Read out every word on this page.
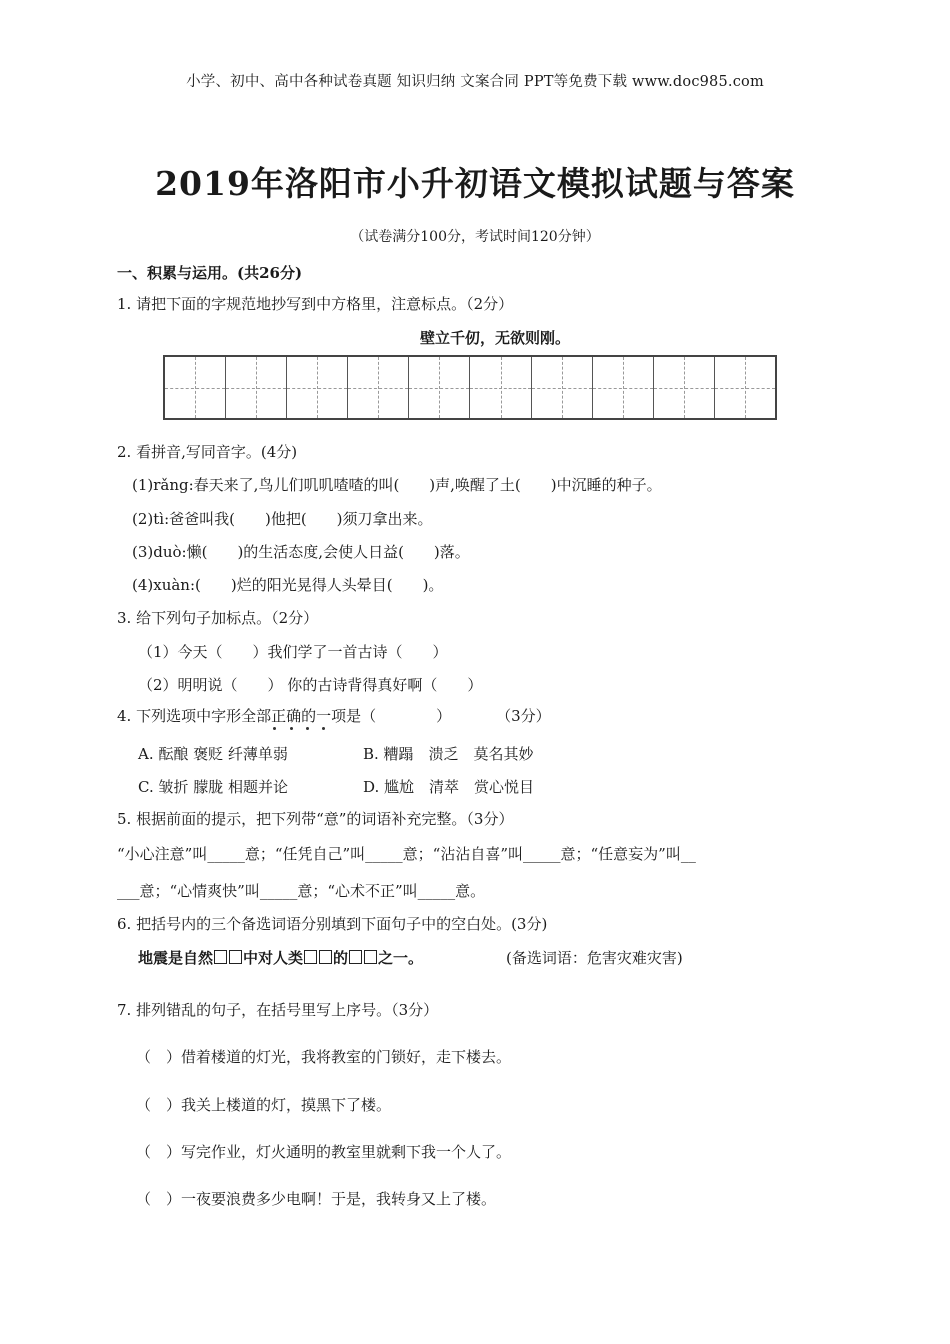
小学、初中、高中各种试卷真题 知识归纳 文案合同 PPT等免费下载 www.doc985.com
2019年洛阳市小升初语文模拟试题与答案
（试卷满分100分，考试时间120分钟）
一、积累与运用。(共26分)
1. 请把下面的字规范地抄写到中方格里，注意标点。（2分）
壁立千仞，无欲则刚。
2. 看拼音,写同音字。(4分)
(1)rǎng:春天来了,鸟儿们叽叽喳喳的叫(　　)声,唤醒了土(　　)中沉睡的种子。
(2)tì:爸爸叫我(　　)他把(　　)须刀拿出来。
(3)duò:懒(　　)的生活态度,会使人日益(　　)落。
(4)xuàn:(　　)烂的阳光晃得人头晕目(　　)。
3. 给下列句子加标点。（2分）
（1）今天（　　）我们学了一首古诗（　　）
（2）明明说（　　） 你的古诗背得真好啊（　　）
4. 下列选项中字形全部正确的一项是（　　　　）　　　　（3分）
A. 酝酿 褒贬 纤薄单弱	B. 糟蹋　溃乏　莫名其妙
C. 皱折 朦胧 相题并论	D. 尴尬　清萃　赏心悦目
5. 根据前面的提示，把下列带“意”的词语补充完整。（3分）
“小心注意”叫_____意；“任凭自己”叫_____意；“沾沾自喜”叫_____意；“任意妄为”叫__
___意；“心情爽快”叫_____意；“心术不正”叫_____意。
6. 把括号内的三个备选词语分别填到下面句子中的空白处。(3分)
地震是自然 中对人类 的 之一。	(备选词语：危害灾难灾害)
7. 排列错乱的句子，在括号里写上序号。（3分）
（　）借着楼道的灯光，我将教室的门锁好，走下楼去。
（　）我关上楼道的灯，摸黑下了楼。
（　）写完作业，灯火通明的教室里就剩下我一个人了。
（　）一夜要浪费多少电啊！于是，我转身又上了楼。
